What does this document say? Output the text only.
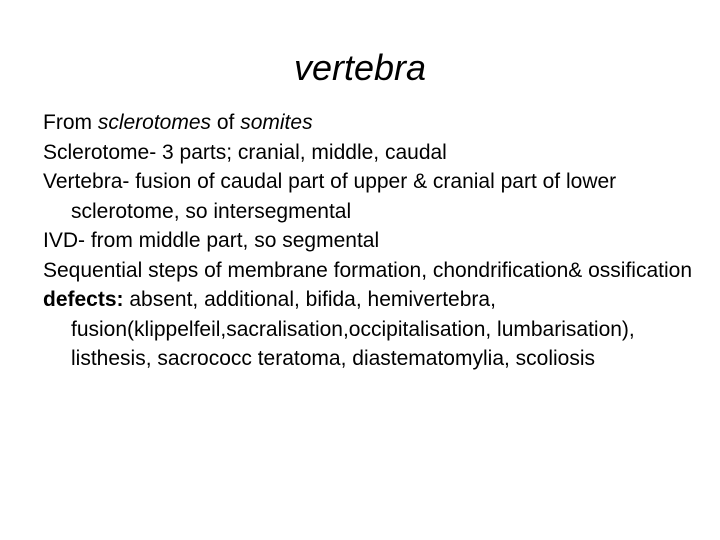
vertebra
From sclerotomes of somites
Sclerotome- 3 parts; cranial, middle, caudal
Vertebra- fusion of caudal part of upper & cranial part of lower sclerotome, so intersegmental
IVD- from middle part, so segmental
Sequential steps of membrane formation, chondrification& ossification
defects: absent, additional, bifida, hemivertebra, fusion(klippelfeil,sacralisation,occipitalisation, lumbarisation), listhesis, sacrococc teratoma, diastematomylia, scoliosis
